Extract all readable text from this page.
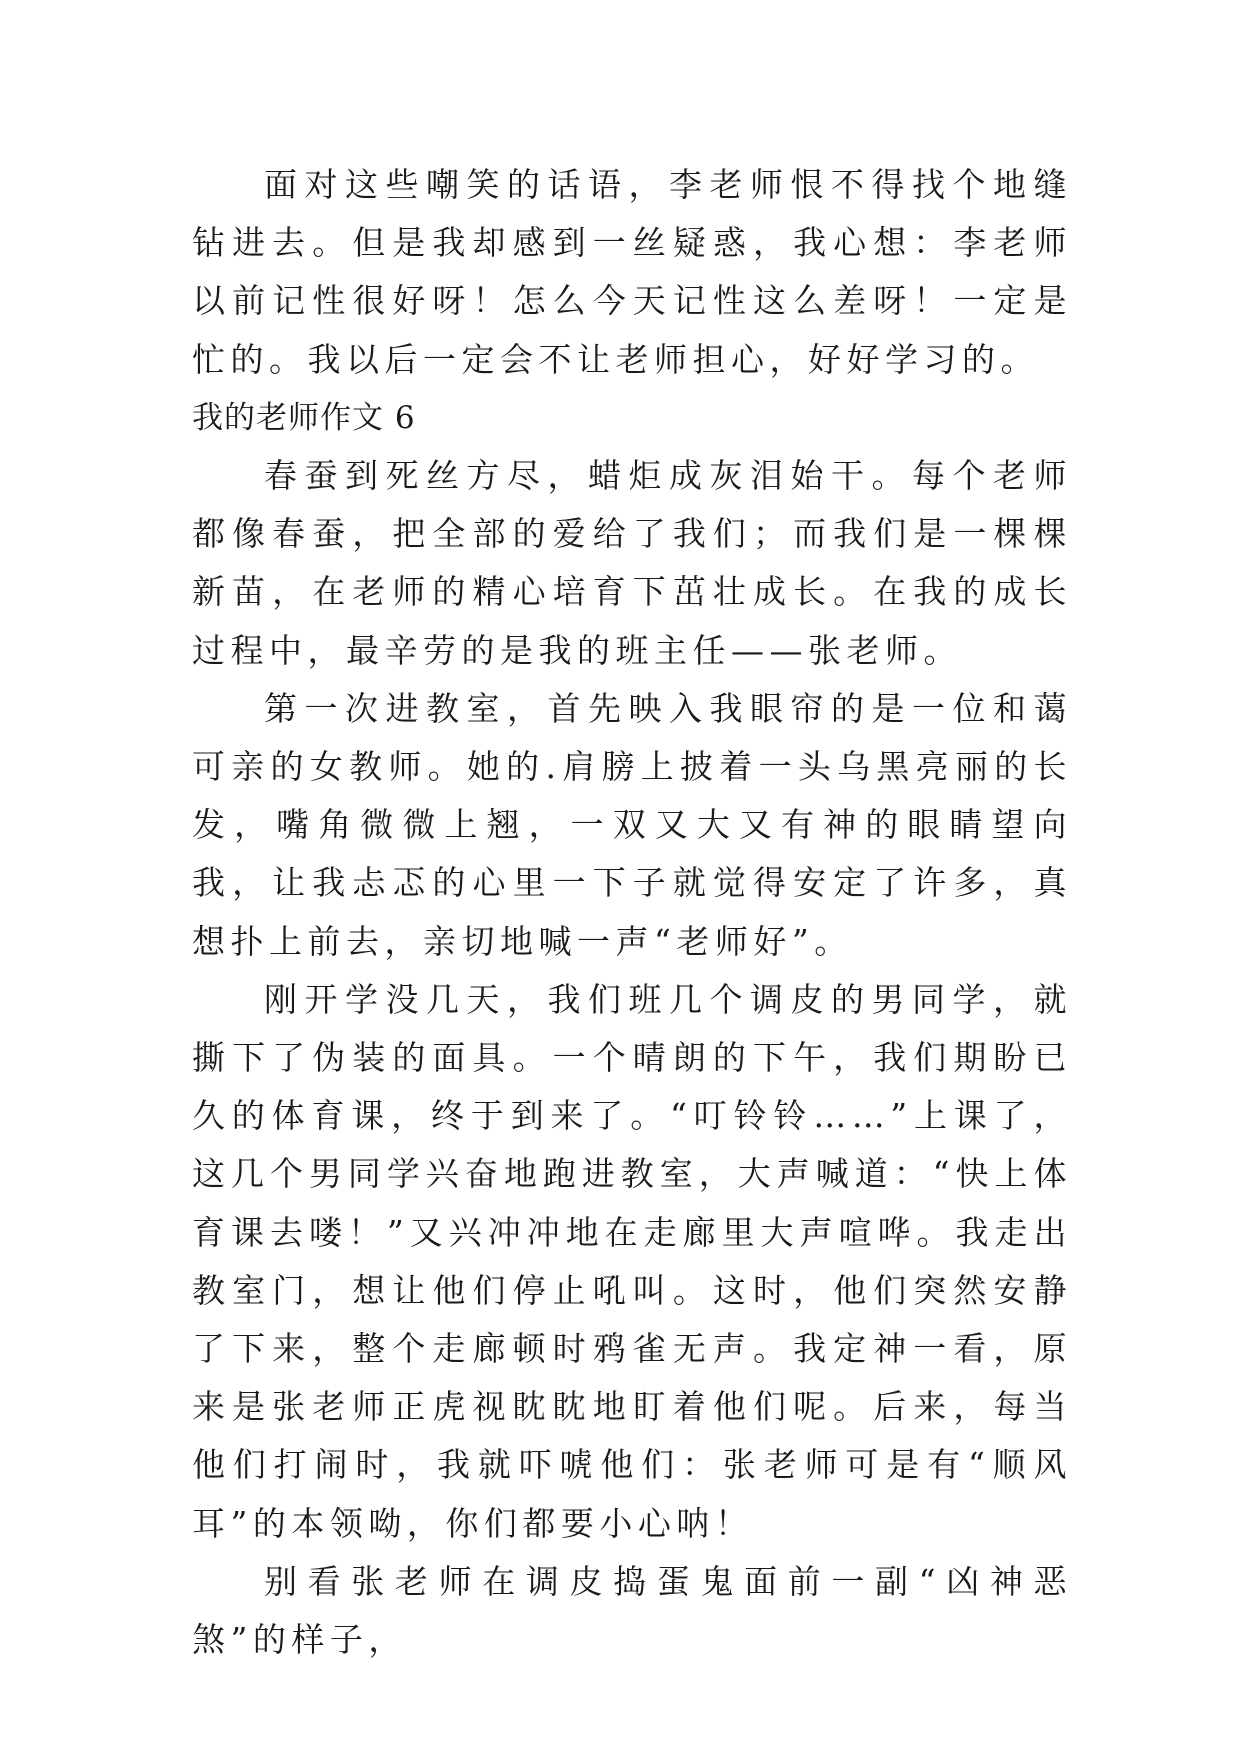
面对这些嘲笑的话语，李老师恨不得找个地缝钻进去。但是我却感到一丝疑惑，我心想：李老师以前记性很好呀！怎么今天记性这么差呀！一定是忙的。我以后一定会不让老师担心，好好学习的。

我的老师作文 6

春蚕到死丝方尽，蜡炬成灰泪始干。每个老师都像春蚕，把全部的爱给了我们；而我们是一棵棵新苗，在老师的精心培育下茁壮成长。在我的成长过程中，最辛劳的是我的班主任——张老师。

第一次进教室，首先映入我眼帘的是一位和蔼可亲的女教师。她的.肩膀上披着一头乌黑亮丽的长发，嘴角微微上翘，一双又大又有神的眼睛望向我，让我忐忑的心里一下子就觉得安定了许多，真想扑上前去，亲切地喊一声“老师好”。

刚开学没几天，我们班几个调皮的男同学，就撕下了伪装的面具。一个晴朗的下午，我们期盼已久的体育课，终于到来了。“叮铃铃……”上课了，这几个男同学兴奋地跑进教室，大声喊道：“快上体育课去喽！”又兴冲冲地在走廊里大声喧哗。我走出教室门，想让他们停止吼叫。这时，他们突然安静了下来，整个走廊顿时鸦雀无声。我定神一看，原来是张老师正虎视眈眈地盯着他们呢。后来，每当他们打闹时，我就吓唬他们：张老师可是有“顺风耳”的本领呦，你们都要小心呐！

别看张老师在调皮捣蛋鬼面前一副“凶神恶煞”的样子，
